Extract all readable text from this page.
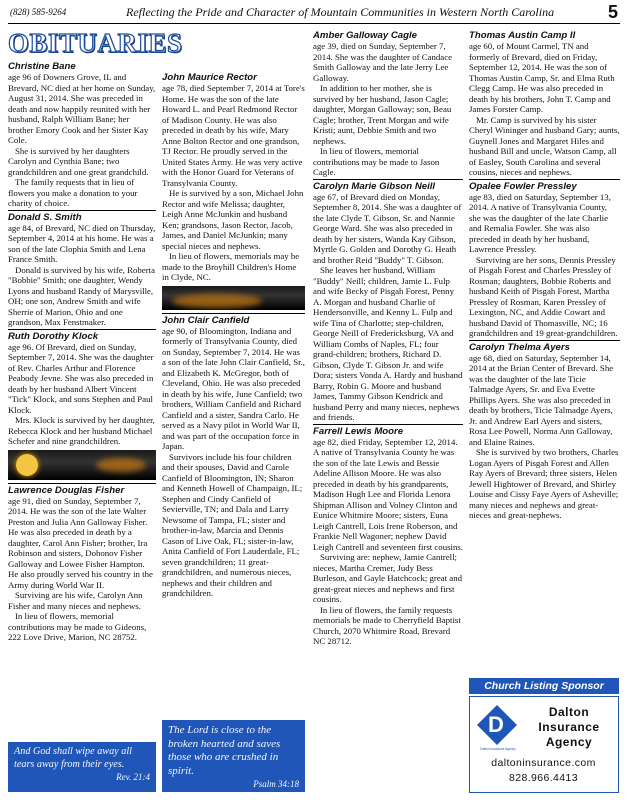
(828) 585-9264	Reflecting the Pride and Character of Mountain Communities in Western North Carolina	5
OBITUARIES
Christine Bane

age 96 of Downers Grove, IL and Brevard, NC died at her home on Sunday, August 31, 2014. She was preceded in death and now happily reunited with her husband, Ralph William Bane; her brother Emory Cook and her Sister Kay Cole.

She is survived by her daughters Carolyn and Cynthia Bane; two grandchildren and one great grandchild.

The family requests that in lieu of flowers you make a donation to your charity of choice.

Donald S. Smith

age 84, of Brevard, NC died on Thursday, September 4, 2014 at his home. He was a son of the late Clophia Smith and Lena France Smith.

Donald is survived by his wife, Roberta "Bobbie" Smith; one daughter, Wendy Lyons and husband Randy of Marysville, OH; one son, Andrew Smith and wife Sherrie of Marion, Ohio and one grandson, Max Fenstmaker.

Ruth Dorothy Klock

age 96. Of Brevard, died on Sunday, September 7, 2014. She was the daughter of Rev. Charles Arthur and Florence Peabody Jevne. She was also preceded in death by her husband Albert Vincent "Tick" Klock, and sons Stephen and Paul Klock.

Mrs. Klock is survived by her daughter, Rebecca Klock and her husband Michael Schefer and nine grandchildren.

Lawrence Douglas Fisher

age 91, died on Sunday, September 7, 2014. He was the son of the late Walter Preston and Julia Ann Galloway Fisher. He was also preceded in death by a daughter, Carol Ann Fisher; brother, Ira Robinson and sisters, Dohonov Fisher Galloway and Lowee Fisher Hampton. He also proudly served his country in the Army during World War II.

Surviving are his wife, Carolyn Ann Fisher and many nieces and nephews.

In lieu of flowers, memorial contributions may be made to Gideons, 222 Love Drive, Marion, NC 28752.

And God shall wipe away all tears away from their eyes.
Rev. 21:4
John Maurice Rector

age 78, died September 7, 2014 at Tore's Home. He was the son of the late Howard L. and Pearl Redmond Rector of Madison County. He was also preceded in death by his wife, Mary Anne Bolton Rector and one grandson, TJ Rector. He proudly served in the United States Army. He was very active with the Honor Guard for Veterans of Transylvania County.

He is survived by a son, Michael John Rector and wife Melissa; daughter, Leigh Anne McJunkin and husband Ken; grandsons, Jason Rector, Jacob, James, and Daniel McJunkin; many special nieces and nephews.

In lieu of flowers, memorials may be made to the Broyhill Children's Home in Clyde, NC.

John Clair Canfield

age 90, of Bloomington, Indiana and formerly of Transylvania County, died on Sunday, September 7, 2014. He was a son of the late John Clair Canfield, Sr., and Elizabeth K. McGregor, both of Cleveland, Ohio. He was also preceded in death by his wife, June Canfield; two brothers, William Canfield and Richard Canfield and a sister, Sandra Carlo. He served as a Navy pilot in World War II, and was part of the occupation force in Japan.

Survivors include his four children and their spouses, David and Carole Canfield of Bloomington, IN; Sharon and Kenneth Howell of Champaign, IL; Stephen and Cindy Canfield of Sevierville, TN; and Dala and Larry Newsome of Tampa, FL; sister and brother-in-law, Marcia and Dennis Cason of Live Oak, FL; sister-in-law, Anita Canfield of Fort Lauderdale, FL; seven grandchildren; 11 great-grandchildren, and numerous nieces, nephews and their children and grandchildren.

The Lord is close to the broken hearted and saves those who are crushed in spirit.
Psalm 34:18
Amber Galloway Cagle

age 39, died on Sunday, September 7, 2014. She was the daughter of Candace Smith Galloway and the late Jerry Lee Galloway.

In addition to her mother, she is survived by her husband, Jason Cagle; daughter, Morgan Galloway; son, Beau Cagle; brother, Trent Morgan and wife Kristi; aunt, Debbie Smith and two nephews.

In lieu of flowers, memorial contributions may be made to Jason Cagle.

Carolyn Marie Gibson Neill

age 67, of Brevard died on Monday, September 8, 2014. She was a daughter of the late Clyde T. Gibson, Sr. and Nannie George Ward. She was also preceded in death by her sisters, Wanda Kay Gibson, Myrtle G. Golden and Dorothy G. Heath and brother Reid "Buddy" T. Gibson.

She leaves her husband, William "Buddy" Neill; children, Jamie L. Fulp and wife Becky of Pisgah Forest, Penny A. Morgan and husband Charlie of Hendersonville, and Kenny L. Fulp and wife Tina of Charlotte; step-children, George Neill of Fredericksburg, VA and William Combs of Naples, FL; four grand-children; brothers, Richard D. Gibson, Clyde T. Gibson Jr. and wife Dora; sisters Vonda A. Hardy and husband Barry, Robin G. Moore and husband James, Tammy Gibson Kendrick and husband Perry and many nieces, nephews and friends.

Farrell Lewis Moore

age 82, died Friday, September 12, 2014. A native of Transylvania County he was the son of the late Lewis and Bessie Adeline Allison Moore. He was also preceded in death by his grandparents, Madison Hugh Lee and Florida Lenora Shipman Allison and Volney Clinton and Eunice Whitmire Moore; sisters, Euna Leigh Cantrell, Lois Irene Roberson, and Frankie Nell Wagoner; nephew David Leigh Cantrell and seventeen first cousins.

Surviving are: nephew, Jamie Cantrell; nieces, Martha Cremer, Judy Bess Burleson, and Gayle Hatchcock; great and great-great nieces and nephews and first cousins.

In lieu of flowers, the family requests memorials be made to Cherryfield Baptist Church, 2070 Whitmire Road, Brevard NC 28712.

Thomas Austin Camp II

age 60, of Mount Carmel, TN and formerly of Brevard, died on Friday, September 12, 2014. He was the son of Thomas Austin Camp, Sr. and Elma Ruth Clegg Camp. He was also preceded in death by his brothers, John T. Camp and James Forster Camp.

Mr. Camp is survived by his sister Cheryl Wininger and husband Gary; aunts, Guynell Jones and Margaret Hiles and husband Bill and uncle, Watson Camp, all of Easley, South Carolina and several cousins, nieces and nephews.

Opalee Fowler Pressley

age 83, died on Saturday, September 13, 2014. A native of Transylvania County, she was the daughter of the late Charlie and Remalia Fowler. She was also preceded in death by her husband, Lawrence Pressley.

Surviving are her sons, Dennis Pressley of Pisgah Forest and Charles Pressley of Rosman; daughters, Bobbie Roberts and husband Keith of Pisgah Forest, Martha Pressley of Rosman, Karen Pressley of Lexington, NC, and Addie Cowart and husband David of Thomasville, NC; 16 grandchildren and 19 great-grandchildren.

Carolyn Thelma Ayers

age 68, died on Saturday, September 14, 2014 at the Brian Center of Brevard. She was the daughter of the late Ticie Talmadge Ayers, Sr. and Eva Evette Phillips Ayers. She was also preceded in death by brothers, Ticie Talmadge Ayers, Jr. and Andrew Earl Ayers and sisters, Rosa Lee Powell, Norma Ann Galloway, and Elaine Raines.

She is survived by two brothers, Charles Logan Ayers of Pisgah Forest and Allen Ray Ayers of Brevard; three sisters, Helen Jewell Hightower of Brevard, and Shirley Louise and Cissy Faye Ayers of Asheville; many nieces and nephews and great-nieces and great-nephews.

Church Listing Sponsor
D
Dalton Insurance Agency
Dalton
Insurance
Agency
daltoninsurance.com
828.966.4413
